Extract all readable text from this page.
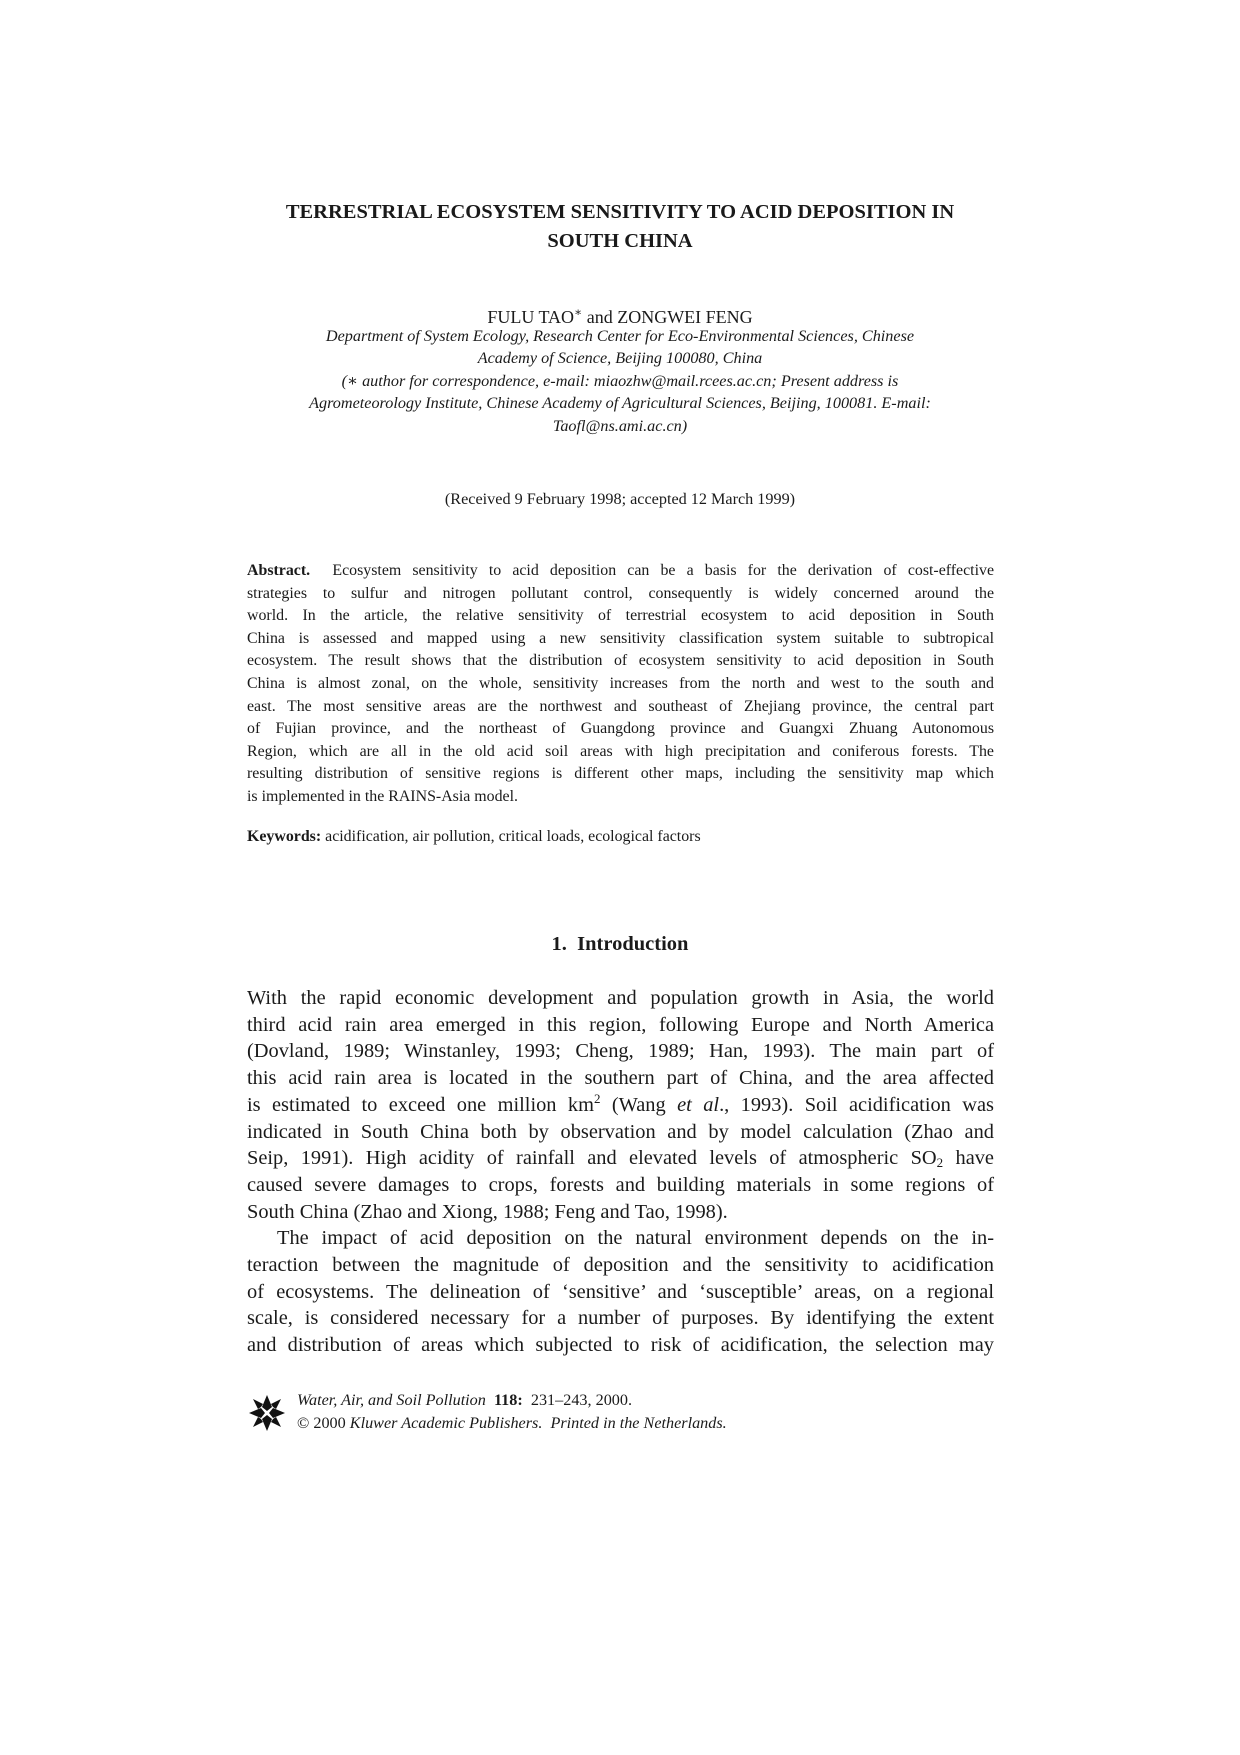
TERRESTRIAL ECOSYSTEM SENSITIVITY TO ACID DEPOSITION IN
SOUTH CHINA
FULU TAO∗ and ZONGWEI FENG
Department of System Ecology, Research Center for Eco-Environmental Sciences, Chinese
Academy of Science, Beijing 100080, China
(∗ author for correspondence, e-mail: miaozhw@mail.rcees.ac.cn; Present address is
Agrometeorology Institute, Chinese Academy of Agricultural Sciences, Beijing, 100081. E-mail:
Taofl@ns.ami.ac.cn)
(Received 9 February 1998; accepted 12 March 1999)
Abstract. Ecosystem sensitivity to acid deposition can be a basis for the derivation of cost-effective
strategies to sulfur and nitrogen pollutant control, consequently is widely concerned around the
world. In the article, the relative sensitivity of terrestrial ecosystem to acid deposition in South
China is assessed and mapped using a new sensitivity classification system suitable to subtropical
ecosystem. The result shows that the distribution of ecosystem sensitivity to acid deposition in South
China is almost zonal, on the whole, sensitivity increases from the north and west to the south and
east. The most sensitive areas are the northwest and southeast of Zhejiang province, the central part
of Fujian province, and the northeast of Guangdong province and Guangxi Zhuang Autonomous
Region, which are all in the old acid soil areas with high precipitation and coniferous forests. The
resulting distribution of sensitive regions is different other maps, including the sensitivity map which
is implemented in the RAINS-Asia model.
Keywords: acidification, air pollution, critical loads, ecological factors
1. Introduction
With the rapid economic development and population growth in Asia, the world
third acid rain area emerged in this region, following Europe and North America
(Dovland, 1989; Winstanley, 1993; Cheng, 1989; Han, 1993). The main part of
this acid rain area is located in the southern part of China, and the area affected
is estimated to exceed one million $km^2$ (Wang et al., 1993). Soil acidification was
indicated in South China both by observation and by model calculation (Zhao and
Seip, 1991). High acidity of rainfall and elevated levels of atmospheric $SO_2$ have
caused severe damages to crops, forests and building materials in some regions of
South China (Zhao and Xiong, 1988; Feng and Tao, 1998).
The impact of acid deposition on the natural environment depends on the in-
teraction between the magnitude of deposition and the sensitivity to acidification
of ecosystems. The delineation of ‘sensitive’ and ‘susceptible’ areas, on a regional
scale, is considered necessary for a number of purposes. By identifying the extent
and distribution of areas which subjected to risk of acidification, the selection may
Water, Air, and Soil Pollution 118: 231–243, 2000.
© 2000 Kluwer Academic Publishers. Printed in the Netherlands.
